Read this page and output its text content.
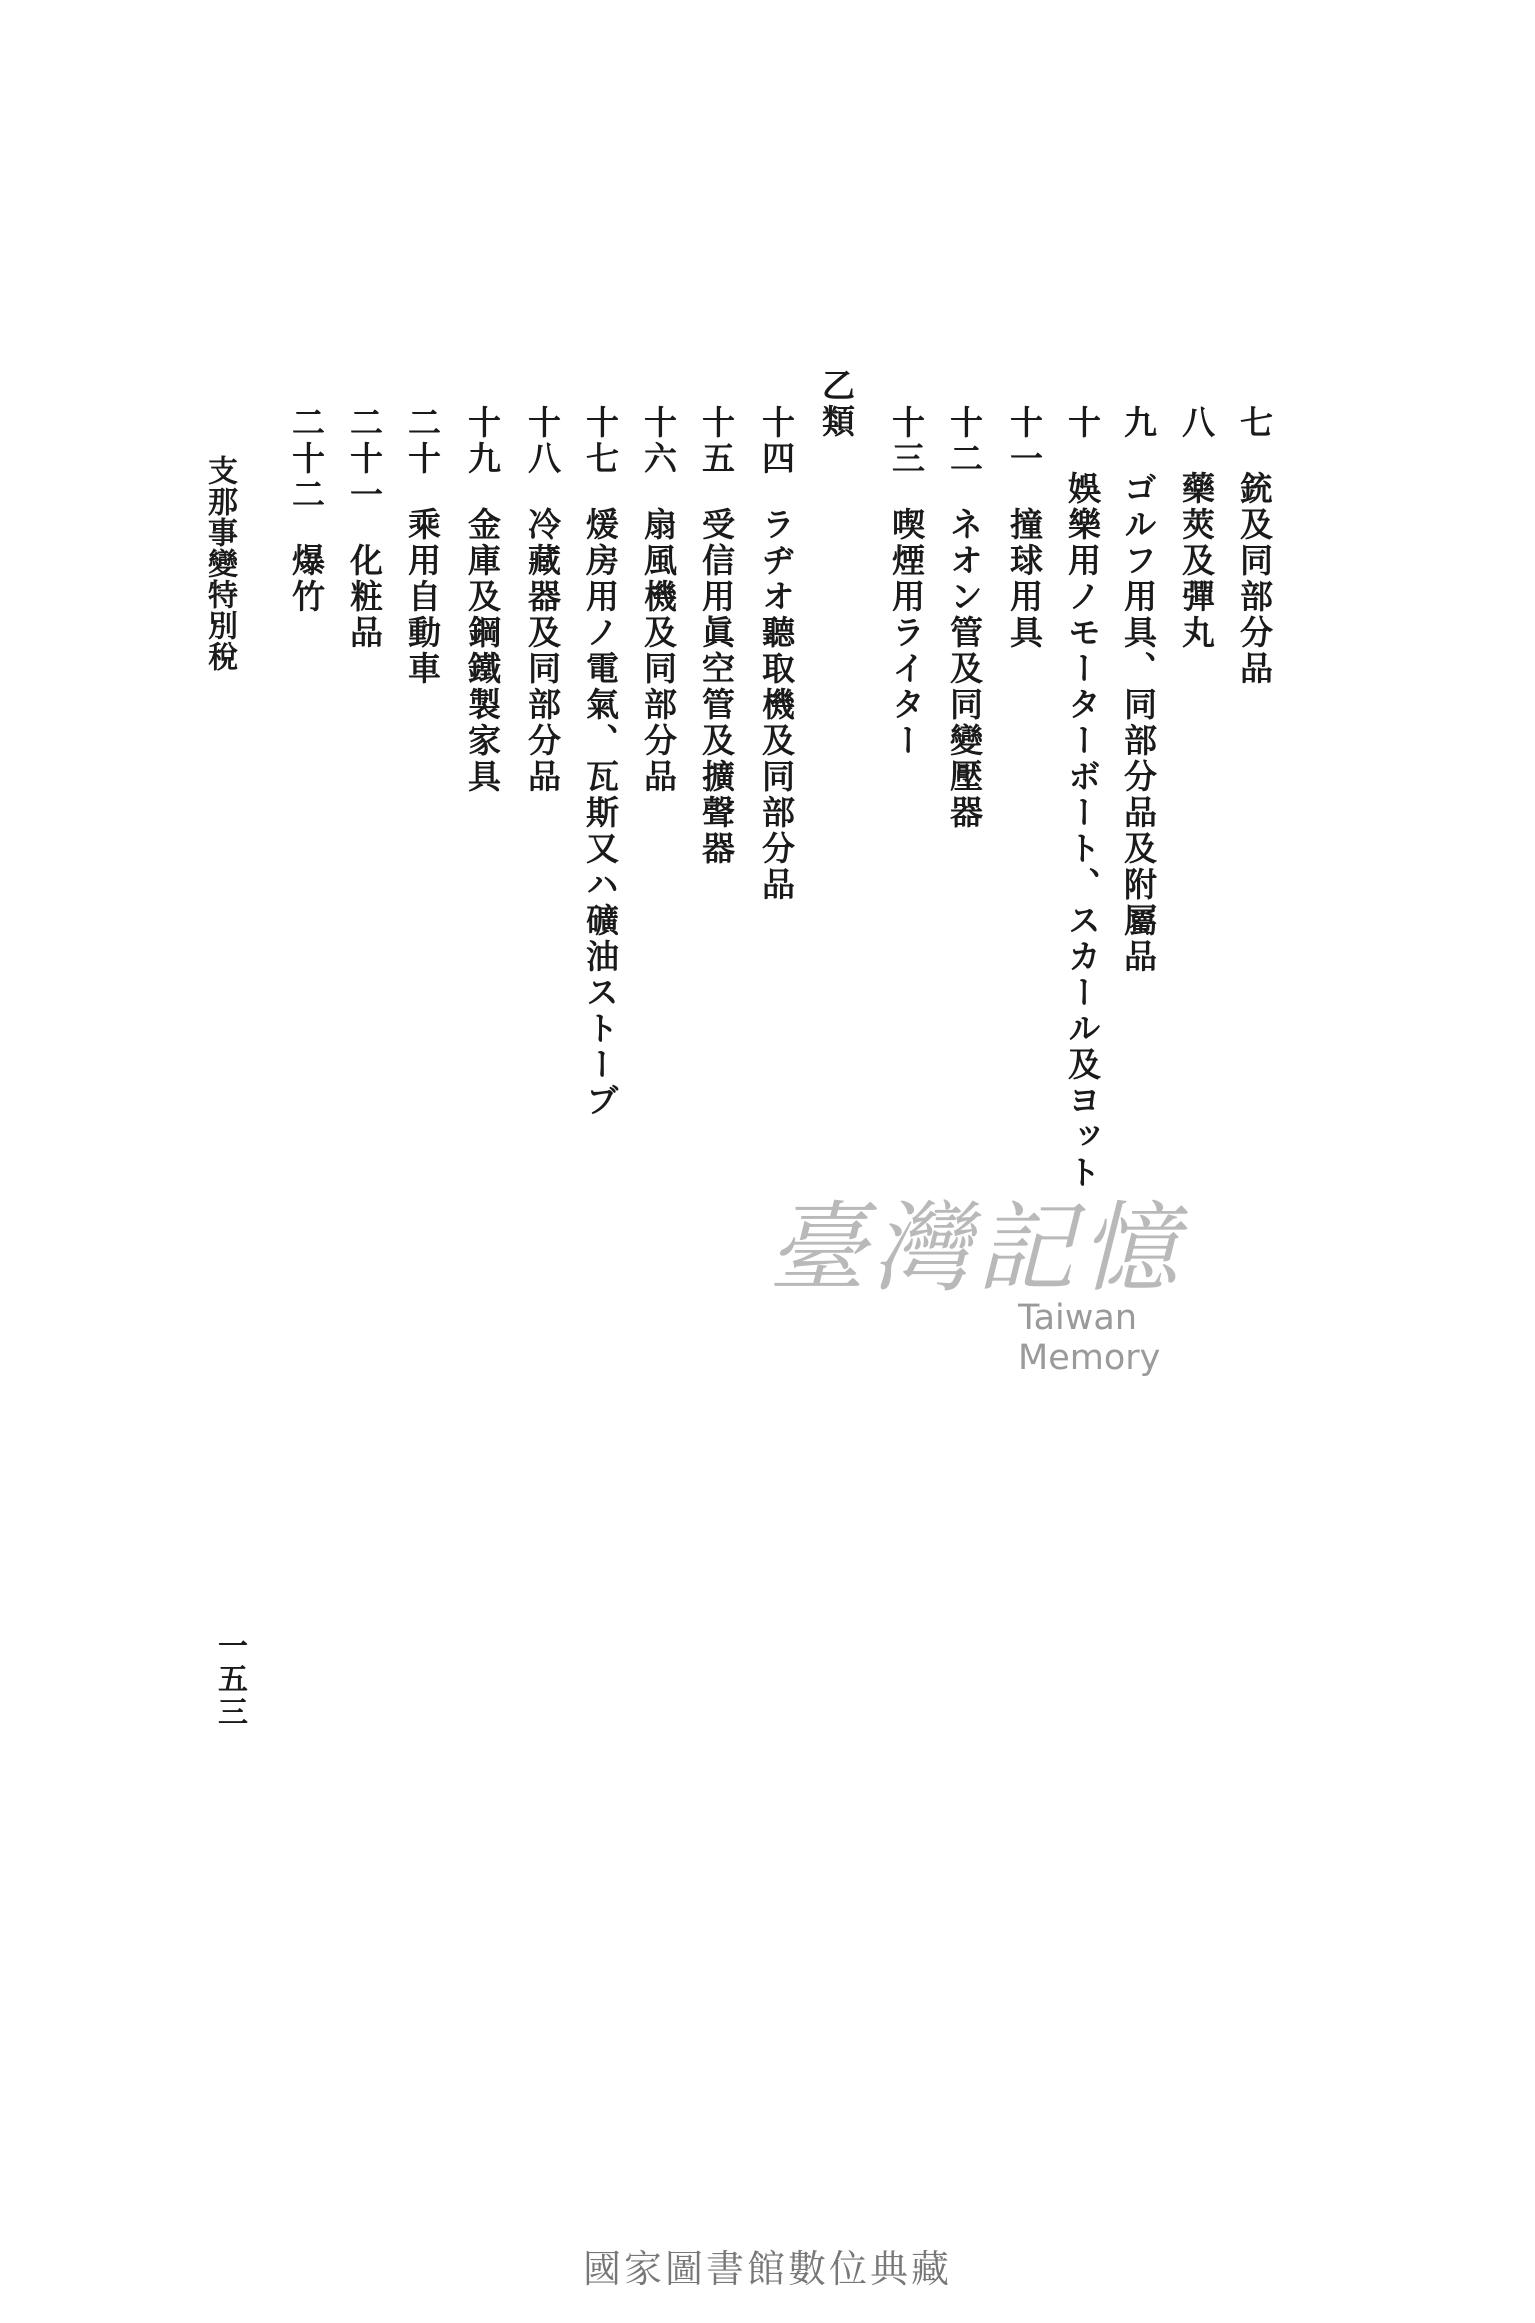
七銃及同部分品
八藥莢及彈丸
九ゴルフ用具、同部分品及附屬品
十娛樂用ノモーターボート、スカール及ヨット
十一撞球用具
十二ネオン管及同變壓器
十三喫煙用ライター
乙類
十四ラヂオ聽取機及同部分品
十五受信用眞空管及擴聲器
十六扇風機及同部分品
十七煖房用ノ電氣、瓦斯又ハ礦油ストーブ
十八冷藏器及同部分品
十九金庫及鋼鐵製家具
二十乘用自動車
二十一化粧品
二十二爆竹
支那事變特別稅
一五三
臺灣記憶
Taiwan Memory
國家圖書館數位典藏
